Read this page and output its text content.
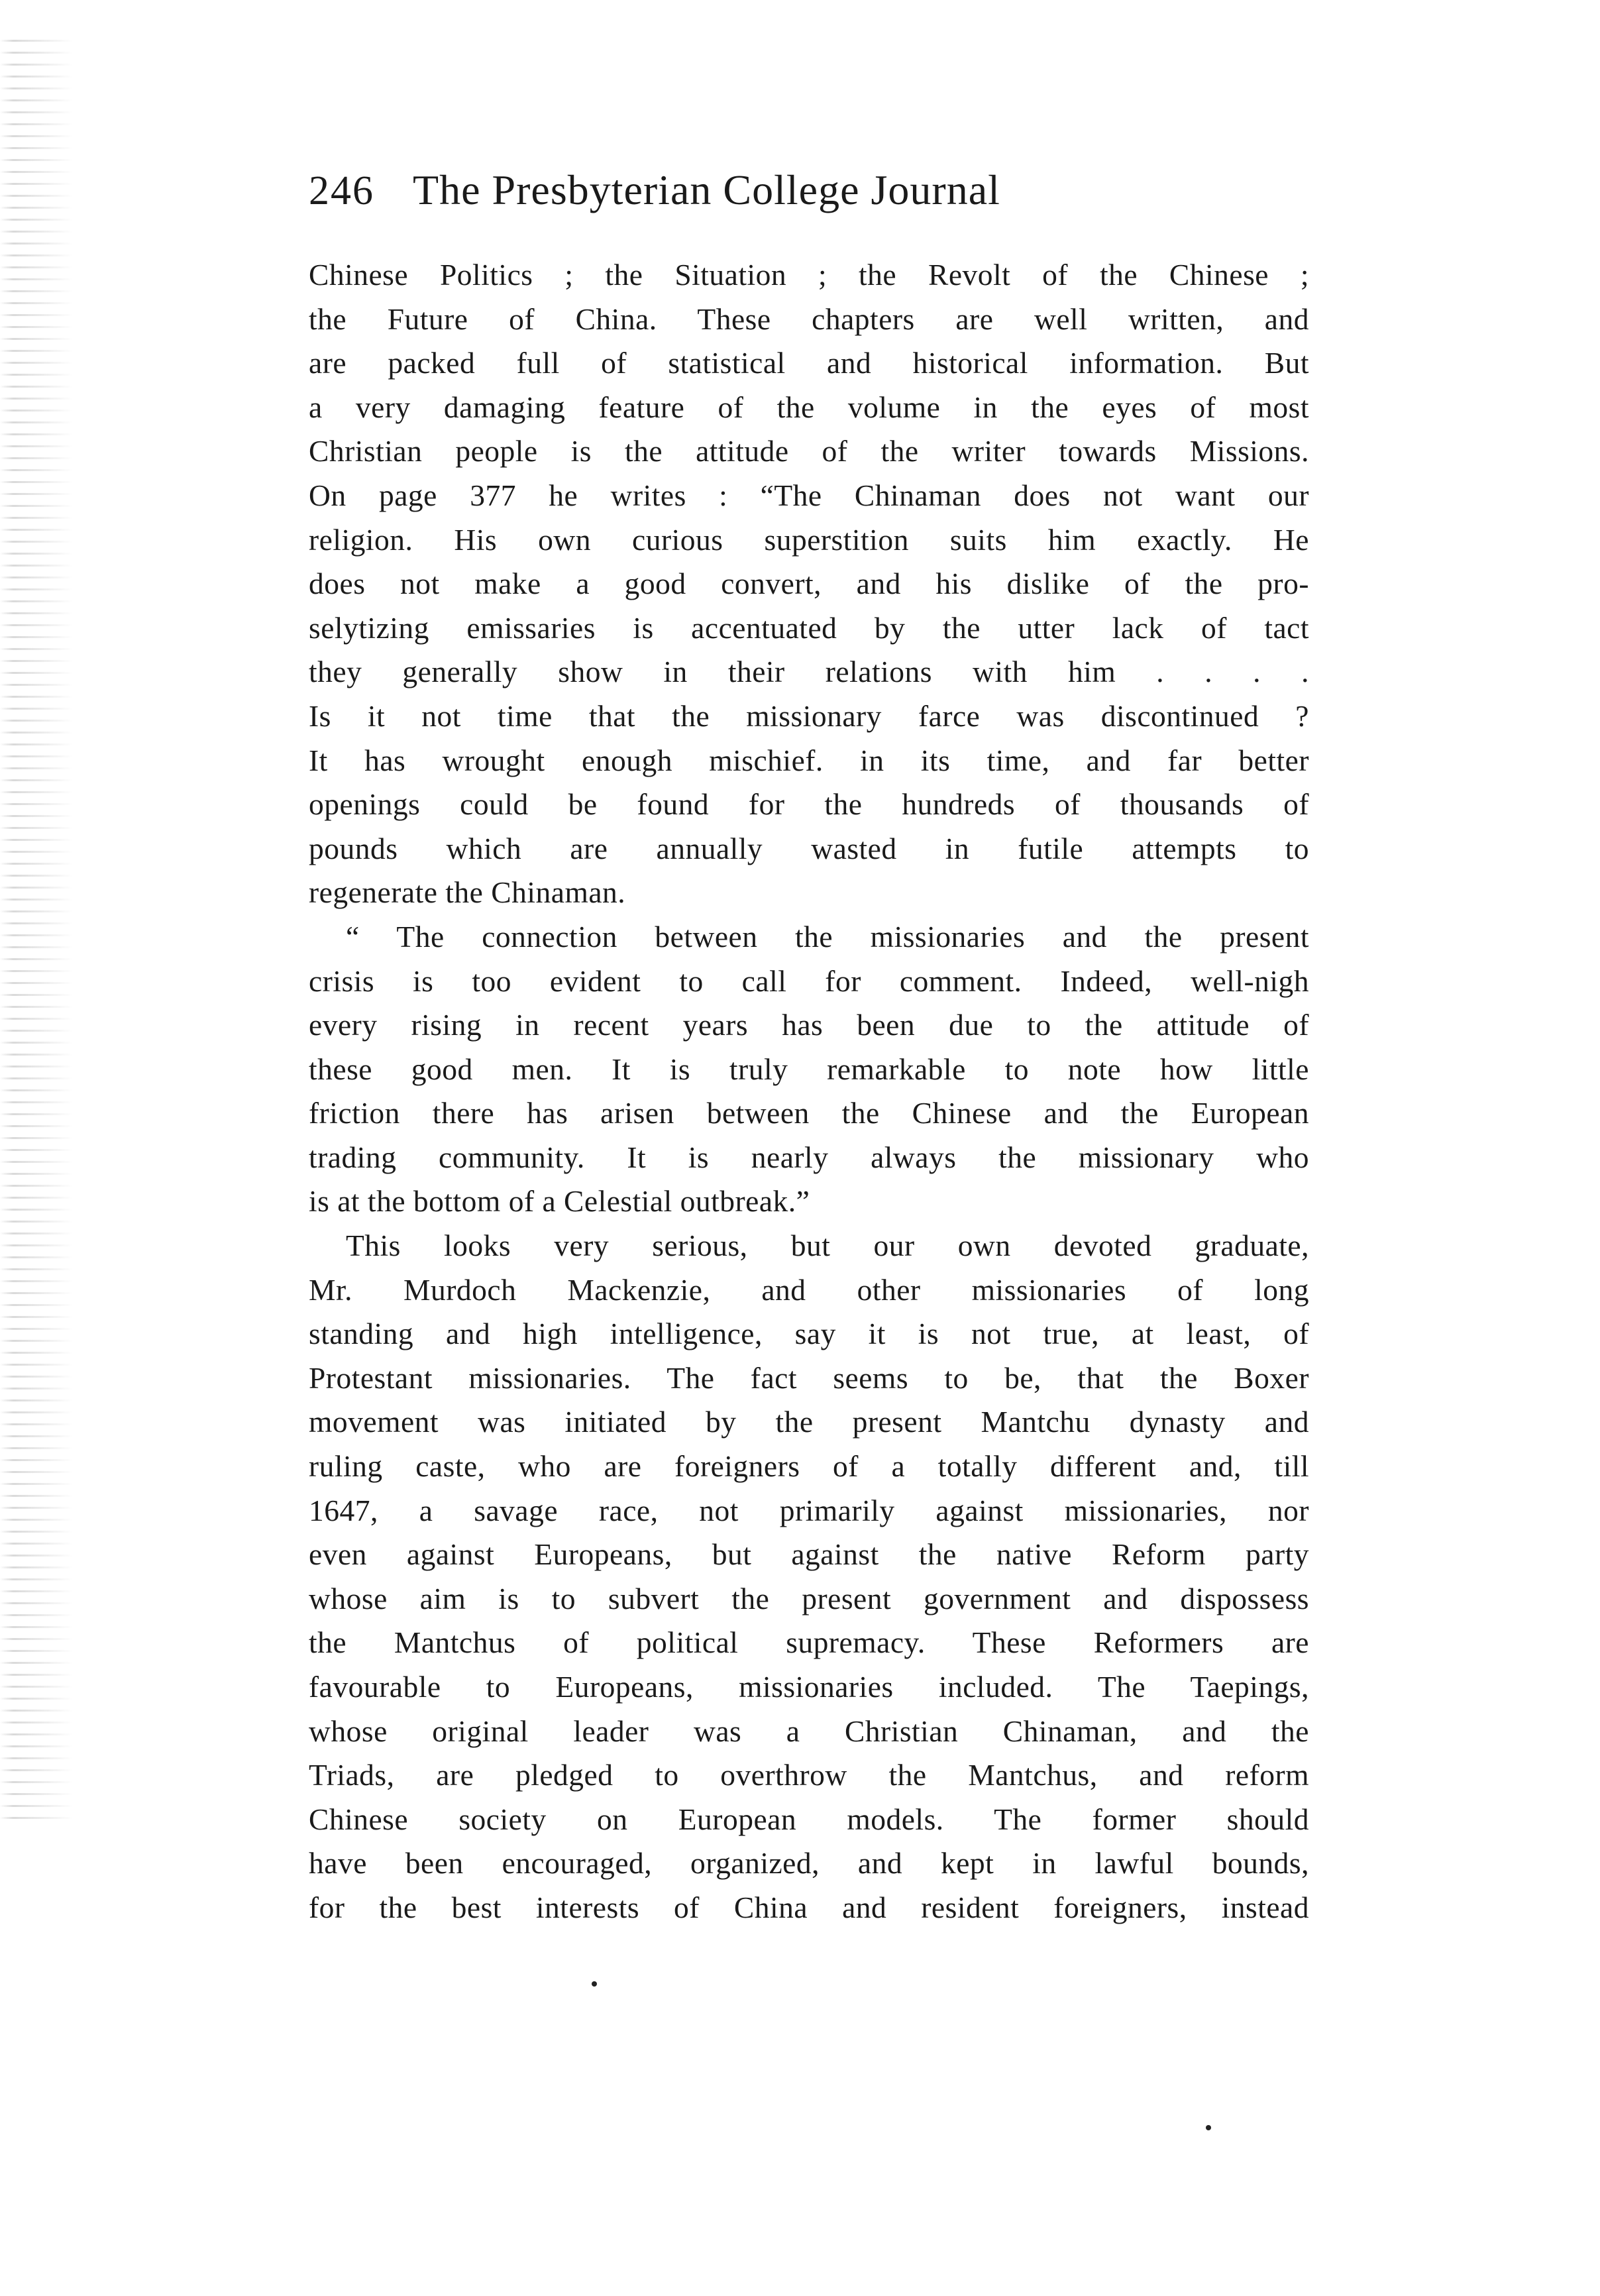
246 The Presbyterian College Journal
Chinese Politics ; the Situation ; the Revolt of the Chinese ;
the Future of China. These chapters are well written, and
are packed full of statistical and historical information. But
a very damaging feature of the volume in the eyes of most
Christian people is the attitude of the writer towards Missions.
On page 377 he writes : “The Chinaman does not want our
religion. His own curious superstition suits him exactly. He
does not make a good convert, and his dislike of the pro-
selytizing emissaries is accentuated by the utter lack of tact
they generally show in their relations with him . . . .
Is it not time that the missionary farce was discontinued ?
It has wrought enough mischief. in its time, and far better
openings could be found for the hundreds of thousands of
pounds which are annually wasted in futile attempts to
regenerate the Chinaman.
“ The connection between the missionaries and the present
crisis is too evident to call for comment. Indeed, well-nigh
every rising in recent years has been due to the attitude of
these good men. It is truly remarkable to note how little
friction there has arisen between the Chinese and the European
trading community. It is nearly always the missionary who
is at the bottom of a Celestial outbreak.”
This looks very serious, but our own devoted graduate,
Mr. Murdoch Mackenzie, and other missionaries of long
standing and high intelligence, say it is not true, at least, of
Protestant missionaries. The fact seems to be, that the Boxer
movement was initiated by the present Mantchu dynasty and
ruling caste, who are foreigners of a totally different and, till
1647, a savage race, not primarily against missionaries, nor
even against Europeans, but against the native Reform party
whose aim is to subvert the present government and dispossess
the Mantchus of political supremacy. These Reformers are
favourable to Europeans, missionaries included. The Taepings,
whose original leader was a Christian Chinaman, and the
Triads, are pledged to overthrow the Mantchus, and reform
Chinese society on European models. The former should
have been encouraged, organized, and kept in lawful bounds,
for the best interests of China and resident foreigners, instead
